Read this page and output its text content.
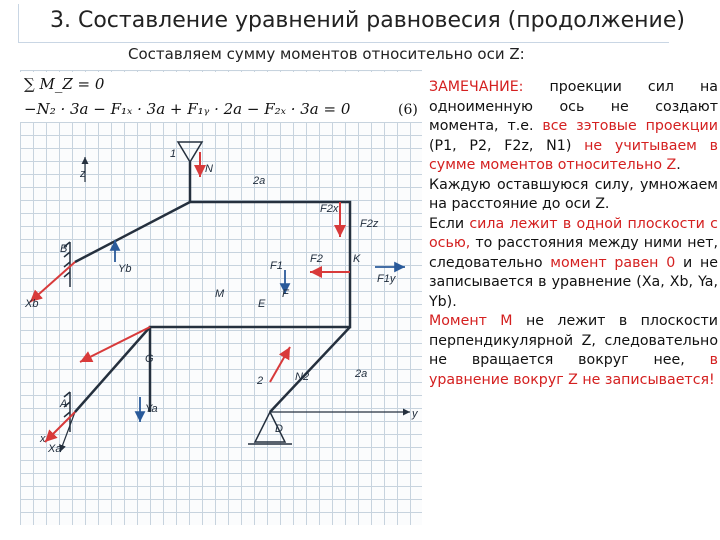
3. Составление уравнений равновесия (продолжение)
Составляем сумму моментов относительно оси Z:
∑ M_Z = 0
−N₂ · 3a − F₁ₓ · 3a + F₁ᵧ · 2a − F₂ₓ · 3a = 0	(6)
ЗАМЕЧАНИЕ: проекции сил на одноименную ось не создают момента, т.е. все зэтовые проекции (P1, P2, F2z, N1) не учитываем в сумме моментов относительно Z.
Каждую оставшуюся силу, умножаем на расстояние до оси Z.
Если сила лежит в одной плоскости с осью, то расстояния между ними нет, следовательно момент равен 0 и не записывается в уравнение (Xa, Xb, Ya, Yb).
Момент M не лежит в плоскости перпендикулярной Z, следовательно не вращается вокруг нее, в уравнение вокруг Z не записывается!
z
y
x
A
B
K
D
M
E
F
2a
2a
2
1
Xb
Yb
Xa
Ya
N
N2
F2x
F2z
F1
F2
F1y
G
